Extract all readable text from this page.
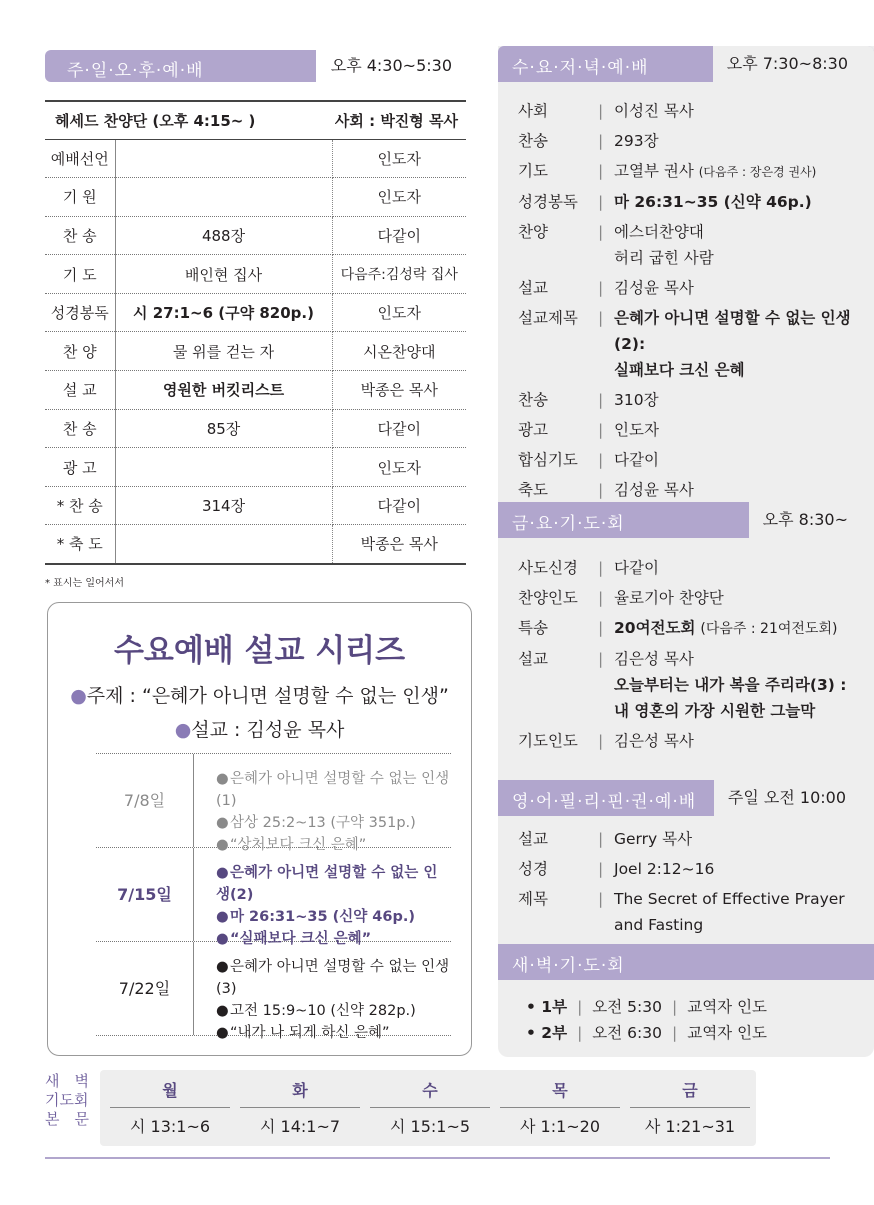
주·일·오·후·예·배	오후 4:30~5:30
헤세드 찬양단 (오후 4:15~ )		사회 : 박진형 목사
예배선언		인도자
기 원		인도자
찬 송	488장	다같이
기 도	배인현 집사	다음주:김성락 집사
성경봉독	시 27:1~6 (구약 820p.)	인도자
찬 양	물 위를 걷는 자	시온찬양대
설 교	영원한 버킷리스트	박종은 목사
찬 송	85장	다같이
광 고		인도자
* 찬 송	314장	다같이
* 축 도		박종은 목사
* 표시는 일어서서
수요예배 설교 시리즈
●주제 : “은혜가 아니면 설명할 수 없는 인생”
●설교 : 김성윤 목사
7/8일
●은혜가 아니면 설명할 수 없는 인생(1)
●삼상 25:2~13 (구약 351p.)
●“상처보다 크신 은혜”
7/15일
●은혜가 아니면 설명할 수 없는 인생(2)
●마 26:31~35 (신약 46p.)
●“실패보다 크신 은혜”
7/22일
●은혜가 아니면 설명할 수 없는 인생(3)
●고전 15:9~10 (신약 282p.)
●“내가 나 되게 하신 은혜”
수·요·저·녁·예·배	오후 7:30~8:30
사회	| 이성진 목사
찬송	| 293장
기도	| 고열부 권사 (다음주 : 장은경 권사)
성경봉독	| 마 26:31~35 (신약 46p.)
찬양	| 에스더찬양대
허리 굽힌 사람
설교	| 김성윤 목사
설교제목	| 은혜가 아니면 설명할 수 없는 인생(2):
실패보다 크신 은혜
찬송	| 310장
광고	| 인도자
합심기도	| 다같이
축도	| 김성윤 목사
금·요·기·도·회	오후 8:30~
사도신경	| 다같이
찬양인도	| 율로기아 찬양단
특송	| 20여전도회 (다음주 : 21여전도회)
설교	| 김은성 목사
오늘부터는 내가 복을 주리라(3) :
내 영혼의 가장 시원한 그늘막
기도인도	| 김은성 목사
영·어·필·리·핀·권·예·배	주일 오전 10:00
설교	| Gerry 목사
성경	| Joel 2:12~16
제목	| The Secret of Effective Prayer
and Fasting
새·벽·기·도·회
• 1부 | 오전 5:30 | 교역자 인도
• 2부 | 오전 6:30 | 교역자 인도
새 벽
기도회
본 문
월	화	수	목	금
시 13:1~6	시 14:1~7	시 15:1~5	사 1:1~20	사 1:21~31
